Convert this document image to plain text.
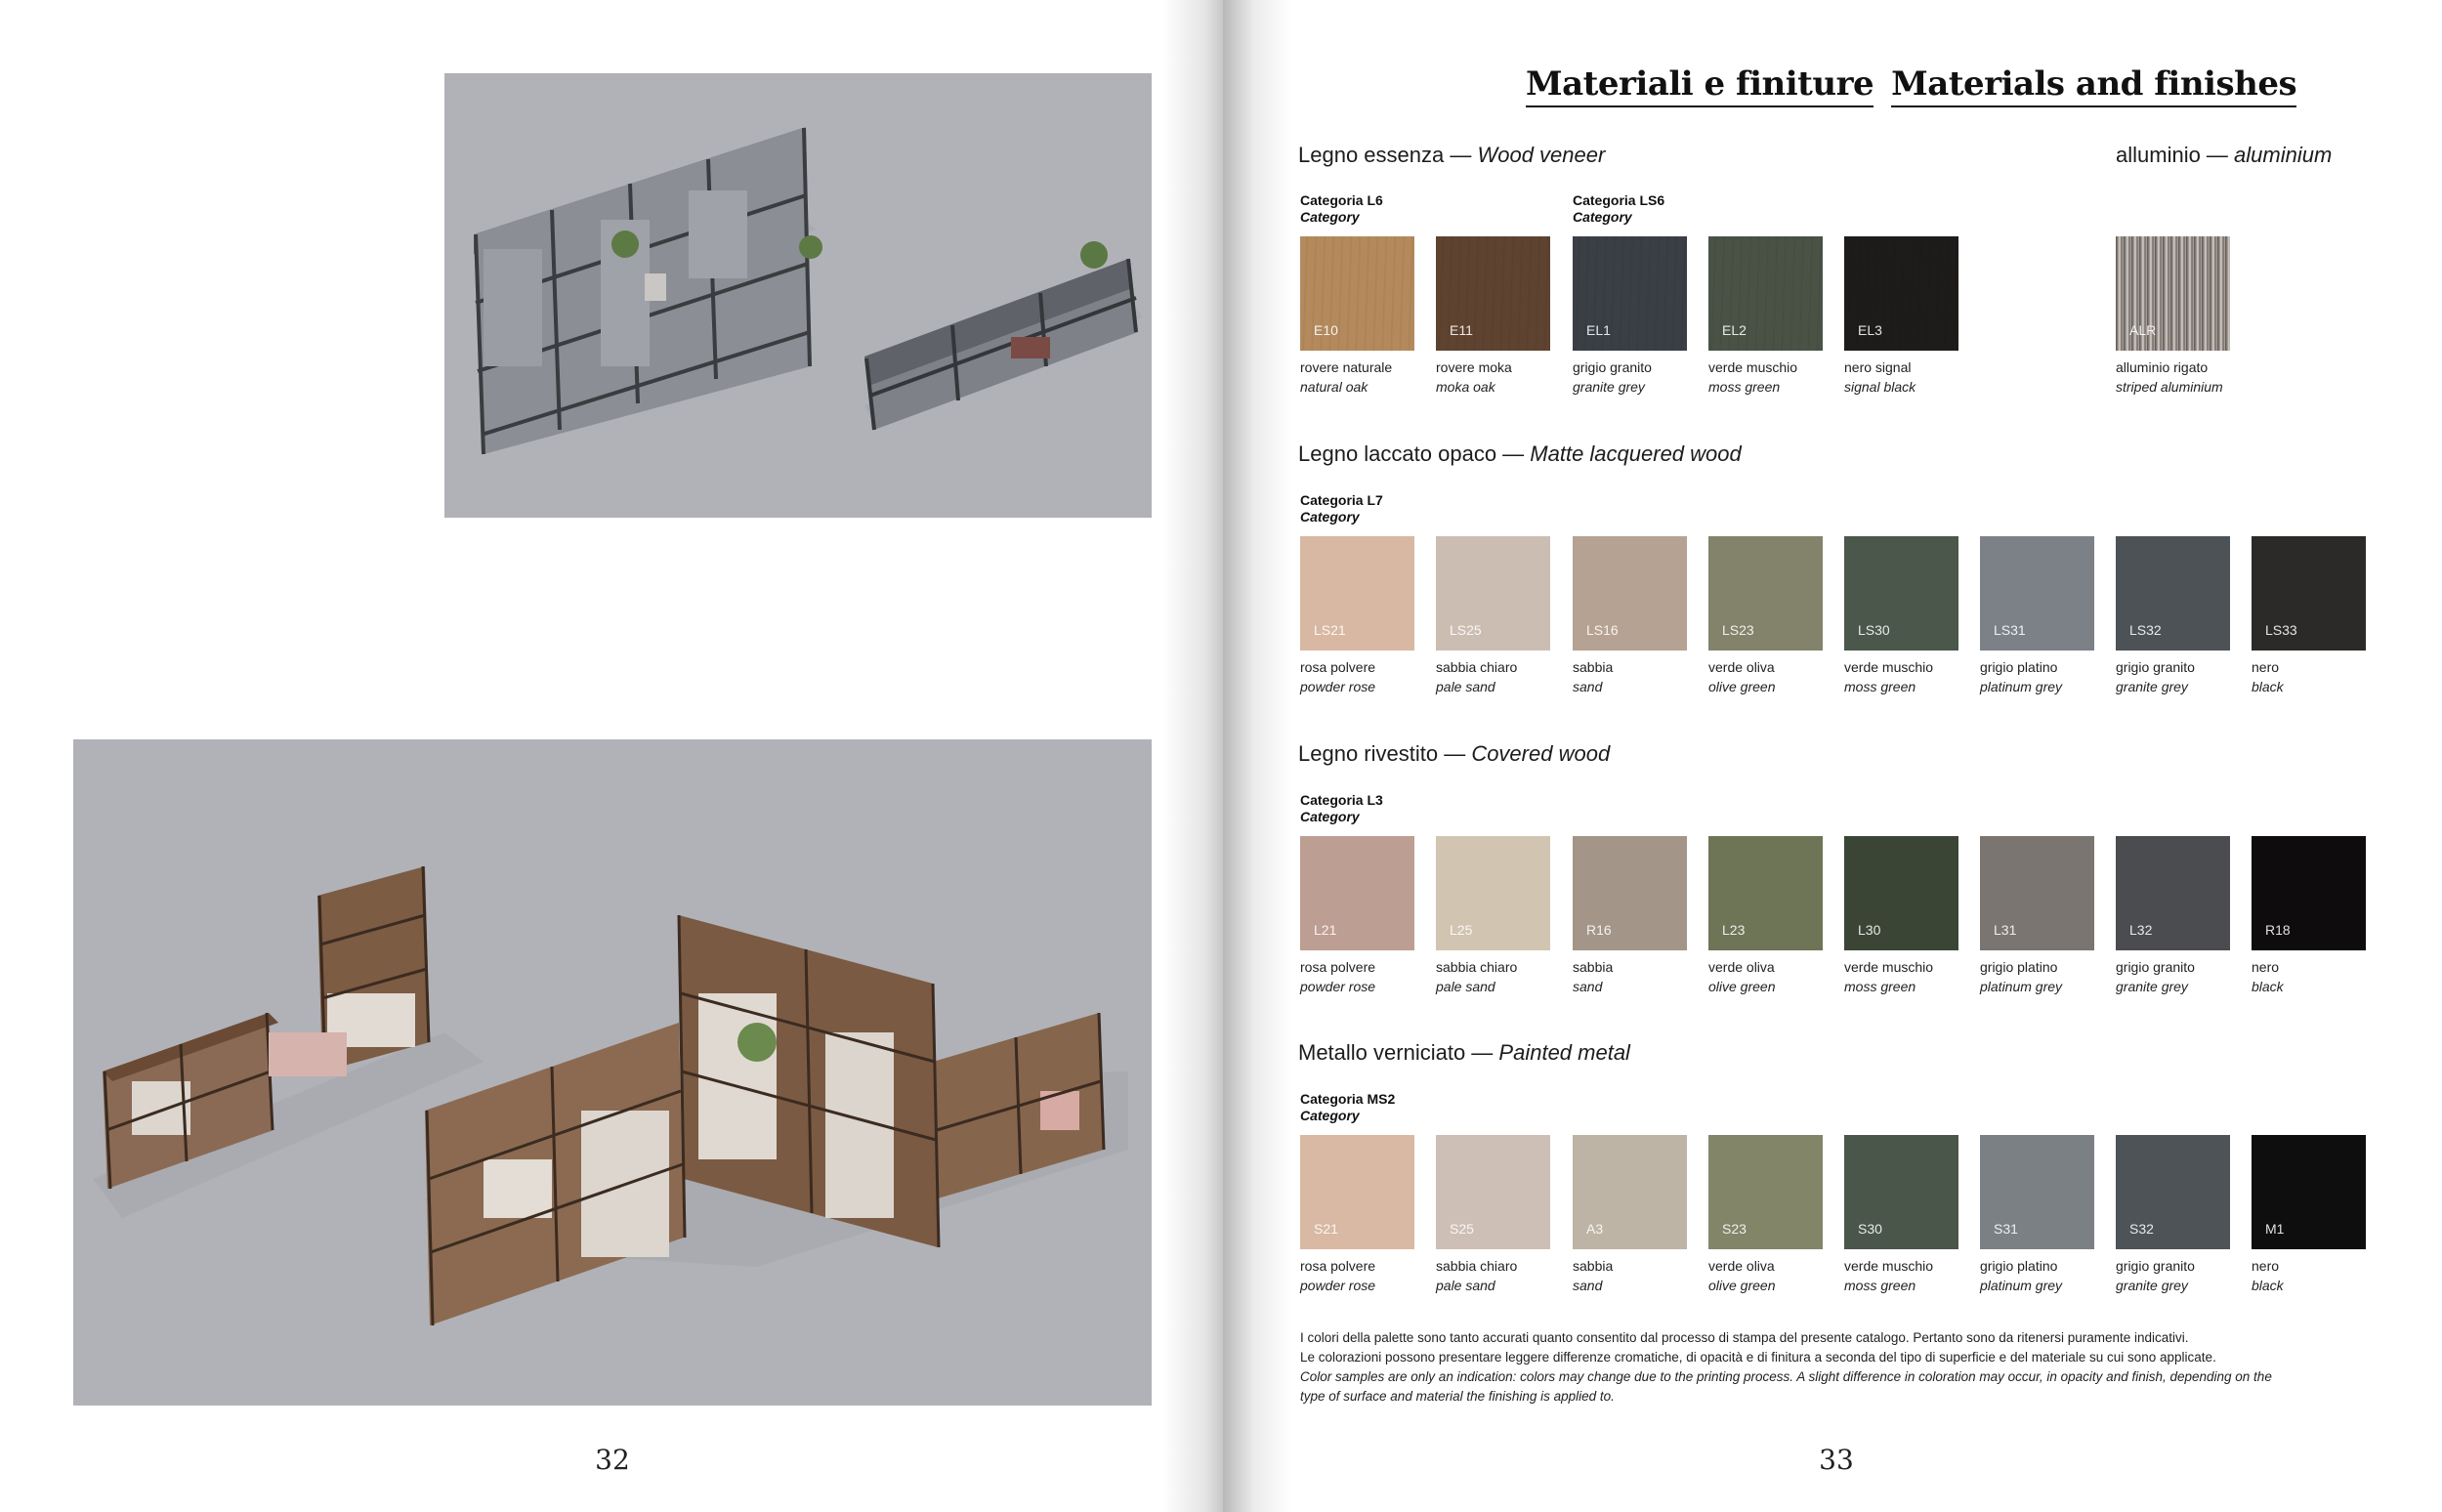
32
Materiali e finiture Materials and finishes
Legno essenza — Wood veneer	alluminio — aluminium
Legno laccato opaco — Matte lacquered wood
Legno rivestito — Covered wood
Metallo verniciato — Painted metal
Categoria L6
Category
Categoria LS6
Category
Categoria L7
Category
Categoria L3
Category
Categoria MS2
Category
E10
rovere naturale
natural oak
E11
rovere moka
moka oak
EL1
grigio granito
granite grey
EL2
verde muschio
moss green
EL3
nero signal
signal black
ALR
alluminio rigato
striped aluminium
LS21
rosa polvere
powder rose
LS25
sabbia chiaro
pale sand
LS16
sabbia
sand
LS23
verde oliva
olive green
LS30
verde muschio
moss green
LS31
grigio platino
platinum grey
LS32
grigio granito
granite grey
LS33
nero
black
L21
rosa polvere
powder rose
L25
sabbia chiaro
pale sand
R16
sabbia
sand
L23
verde oliva
olive green
L30
verde muschio
moss green
L31
grigio platino
platinum grey
L32
grigio granito
granite grey
R18
nero
black
S21
rosa polvere
powder rose
S25
sabbia chiaro
pale sand
A3
sabbia
sand
S23
verde oliva
olive green
S30
verde muschio
moss green
S31
grigio platino
platinum grey
S32
grigio granito
granite grey
M1
nero
black
I colori della palette sono tanto accurati quanto consentito dal processo di stampa del presente catalogo. Pertanto sono da ritenersi puramente indicativi.
Le colorazioni possono presentare leggere differenze cromatiche, di opacità e di finitura a seconda del tipo di superficie e del materiale su cui sono applicate.
Color samples are only an indication: colors may change due to the printing process. A slight difference in coloration may occur, in opacity and finish, depending on the
type of surface and material the finishing is applied to.
33
